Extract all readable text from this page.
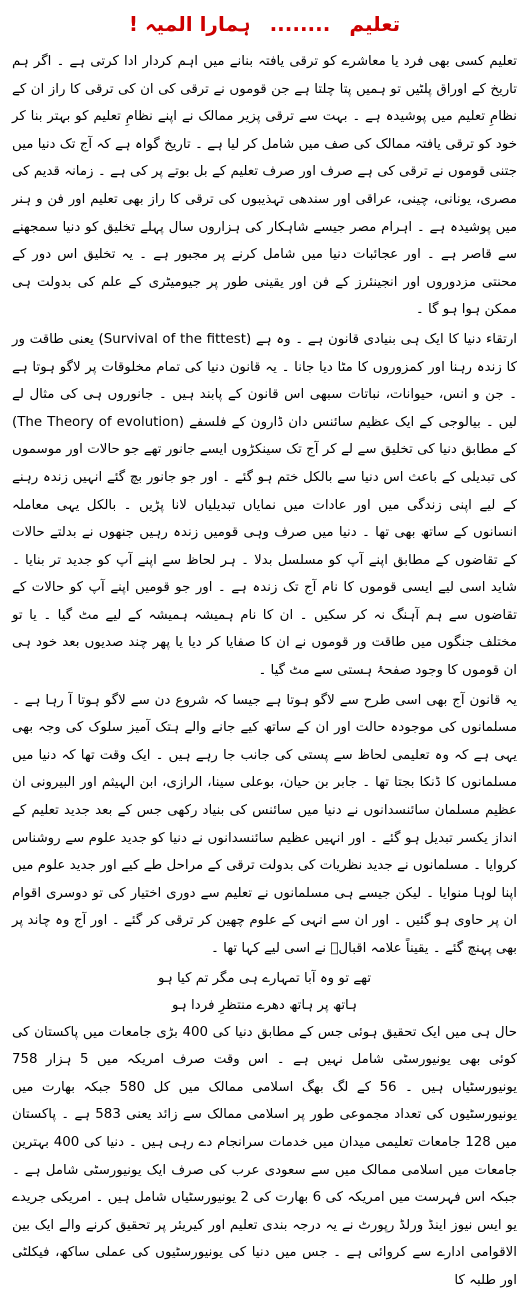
تعلیم ........ ہمارا المیہ !

تعلیم کسی بھی فرد یا معاشرے کو ترقی یافتہ بنانے میں اہم کردار ادا کرتی ہے ۔ اگر ہم تاریخ کے اوراق پلٹیں تو ہمیں پتا چلتا ہے جن قوموں نے ترقی کی ان کی ترقی کا راز ان کے نظامِ تعلیم میں پوشیدہ ہے ۔ بہت سے ترقی پزیر ممالک نے اپنے نظامِ تعلیم کو بہتر بنا کر خود کو ترقی یافتہ ممالک کی صف میں شامل کر لیا ہے ۔ تاریخ گواہ ہے کہ آج تک دنیا میں جتنی قوموں نے ترقی کی ہے صرف اور صرف تعلیم کے بل بوتے پر کی ہے ۔ زمانہ قدیم کی مصری، یونانی، چینی، عراقی اور سندھی تہذیبوں کی ترقی کا راز بھی تعلیم اور فن و ہنر میں پوشیدہ ہے ۔ اہرام مصر جیسے شاہکار کی ہزاروں سال پہلے تخلیق کو دنیا سمجھنے سے قاصر ہے ۔ اور عجائبات دنیا میں شامل کرنے پر مجبور ہے ۔ یہ تخلیق اس دور کے محنتی مزدوروں اور انجینئرز کے فن اور یقینی طور پر جیومیٹری کے علم کی بدولت ہی ممکن ہوا ہو گا ۔

ارتقاء دنیا کا ایک ہی بنیادی قانون ہے ۔ وہ ہے (Survival of the fittest) یعنی طاقت ور کا زندہ رہنا اور کمزوروں کا مٹا دیا جانا ۔ یہ قانون دنیا کی تمام مخلوقات پر لاگو ہوتا ہے ۔ جن و انس، حیوانات، نباتات سبھی اس قانون کے پابند ہیں ۔ جانوروں ہی کی مثال لے لیں ۔ بیالوجی کے ایک عظیم سائنس دان ڈارون کے فلسفے (The Theory of evolution) کے مطابق دنیا کی تخلیق سے لے کر آج تک سینکڑوں ایسے جانور تھے جو حالات اور موسموں کی تبدیلی کے باعث اس دنیا سے بالکل ختم ہو گئے ۔ اور جو جانور بچ گئے انہیں زندہ رہنے کے لیے اپنی زندگی میں اور عادات میں نمایاں تبدیلیاں لانا پڑیں ۔ بالکل یہی معاملہ انسانوں کے ساتھ بھی تھا ۔ دنیا میں صرف وہی قومیں زندہ رہیں جنھوں نے بدلتے حالات کے تقاضوں کے مطابق اپنے آپ کو مسلسل بدلا ۔ ہر لحاظ سے اپنے آپ کو جدید تر بنایا ۔ شاید اسی لیے ایسی قوموں کا نام آج تک زندہ ہے ۔ اور جو قومیں اپنے آپ کو حالات کے تقاضوں سے ہم آہنگ نہ کر سکیں ۔ ان کا نام ہمیشہ ہمیشہ کے لیے مٹ گیا ۔ یا تو مختلف جنگوں میں طاقت ور قوموں نے ان کا صفایا کر دیا یا پھر چند صدیوں بعد خود ہی ان قوموں کا وجود صفحۂ ہستی سے مٹ گیا ۔

یہ قانون آج بھی اسی طرح سے لاگو ہوتا ہے جیسا کہ شروع دن سے لاگو ہوتا آ رہا ہے ۔ مسلمانوں کی موجودہ حالت اور ان کے ساتھ کیے جانے والے ہتک آمیز سلوک کی وجہ بھی یہی ہے کہ وہ تعلیمی لحاظ سے پستی کی جانب جا رہے ہیں ۔ ایک وقت تھا کہ دنیا میں مسلمانوں کا ڈنکا بجتا تھا ۔ جابر بن حیان، بوعلی سینا، الرازی، ابن الہیثم اور البیرونی ان عظیم مسلمان سائنسدانوں نے دنیا میں سائنس کی بنیاد رکھی جس کے بعد جدید تعلیم کے انداز یکسر تبدیل ہو گئے ۔ اور انہیں عظیم سائنسدانوں نے دنیا کو جدید علوم سے روشناس کروایا ۔ مسلمانوں نے جدید نظریات کی بدولت ترقی کے مراحل طے کیے اور جدید علوم میں اپنا لوہا منوایا ۔ لیکن جیسے ہی مسلمانوں نے تعلیم سے دوری اختیار کی تو دوسری اقوام ان پر حاوی ہو گئیں ۔ اور ان سے انہی کے علوم چھین کر ترقی کر گئے ۔ اور آج وہ چاند پر بھی پہنچ گئے ۔ یقیناً علامہ اقبالؒ نے اسی لیے کہا تھا ۔

تھے تو وہ آبا تمہارے ہی مگر تم کیا ہو

ہاتھ پر ہاتھ دھرے منتظرِ فردا ہو

حال ہی میں ایک تحقیق ہوئی جس کے مطابق دنیا کی 400 بڑی جامعات میں پاکستان کی کوئی بھی یونیورسٹی شامل نہیں ہے ۔ اس وقت صرف امریکہ میں 5 ہزار 758 یونیورسٹیاں ہیں ۔ 56 کے لگ بھگ اسلامی ممالک میں کل 580 جبکہ بھارت میں یونیورسٹیوں کی تعداد مجموعی طور پر اسلامی ممالک سے زائد یعنی 583 ہے ۔ پاکستان میں 128 جامعات تعلیمی میدان میں خدمات سرانجام دے رہی ہیں ۔ دنیا کی 400 بہترین جامعات میں اسلامی ممالک میں سے سعودی عرب کی صرف ایک یونیورسٹی شامل ہے ۔ جبکہ اس فہرست میں امریکہ کی 6 بھارت کی 2 یونیورسٹیاں شامل ہیں ۔ امریکی جریدے یو ایس نیوز اینڈ ورلڈ رپورٹ نے یہ درجہ بندی تعلیم اور کیریئر پر تحقیق کرنے والے ایک بین الاقوامی ادارے سے کروائی ہے ۔ جس میں دنیا کی یونیورسٹیوں کی عملی ساکھ، فیکلٹی اور طلبہ کا
